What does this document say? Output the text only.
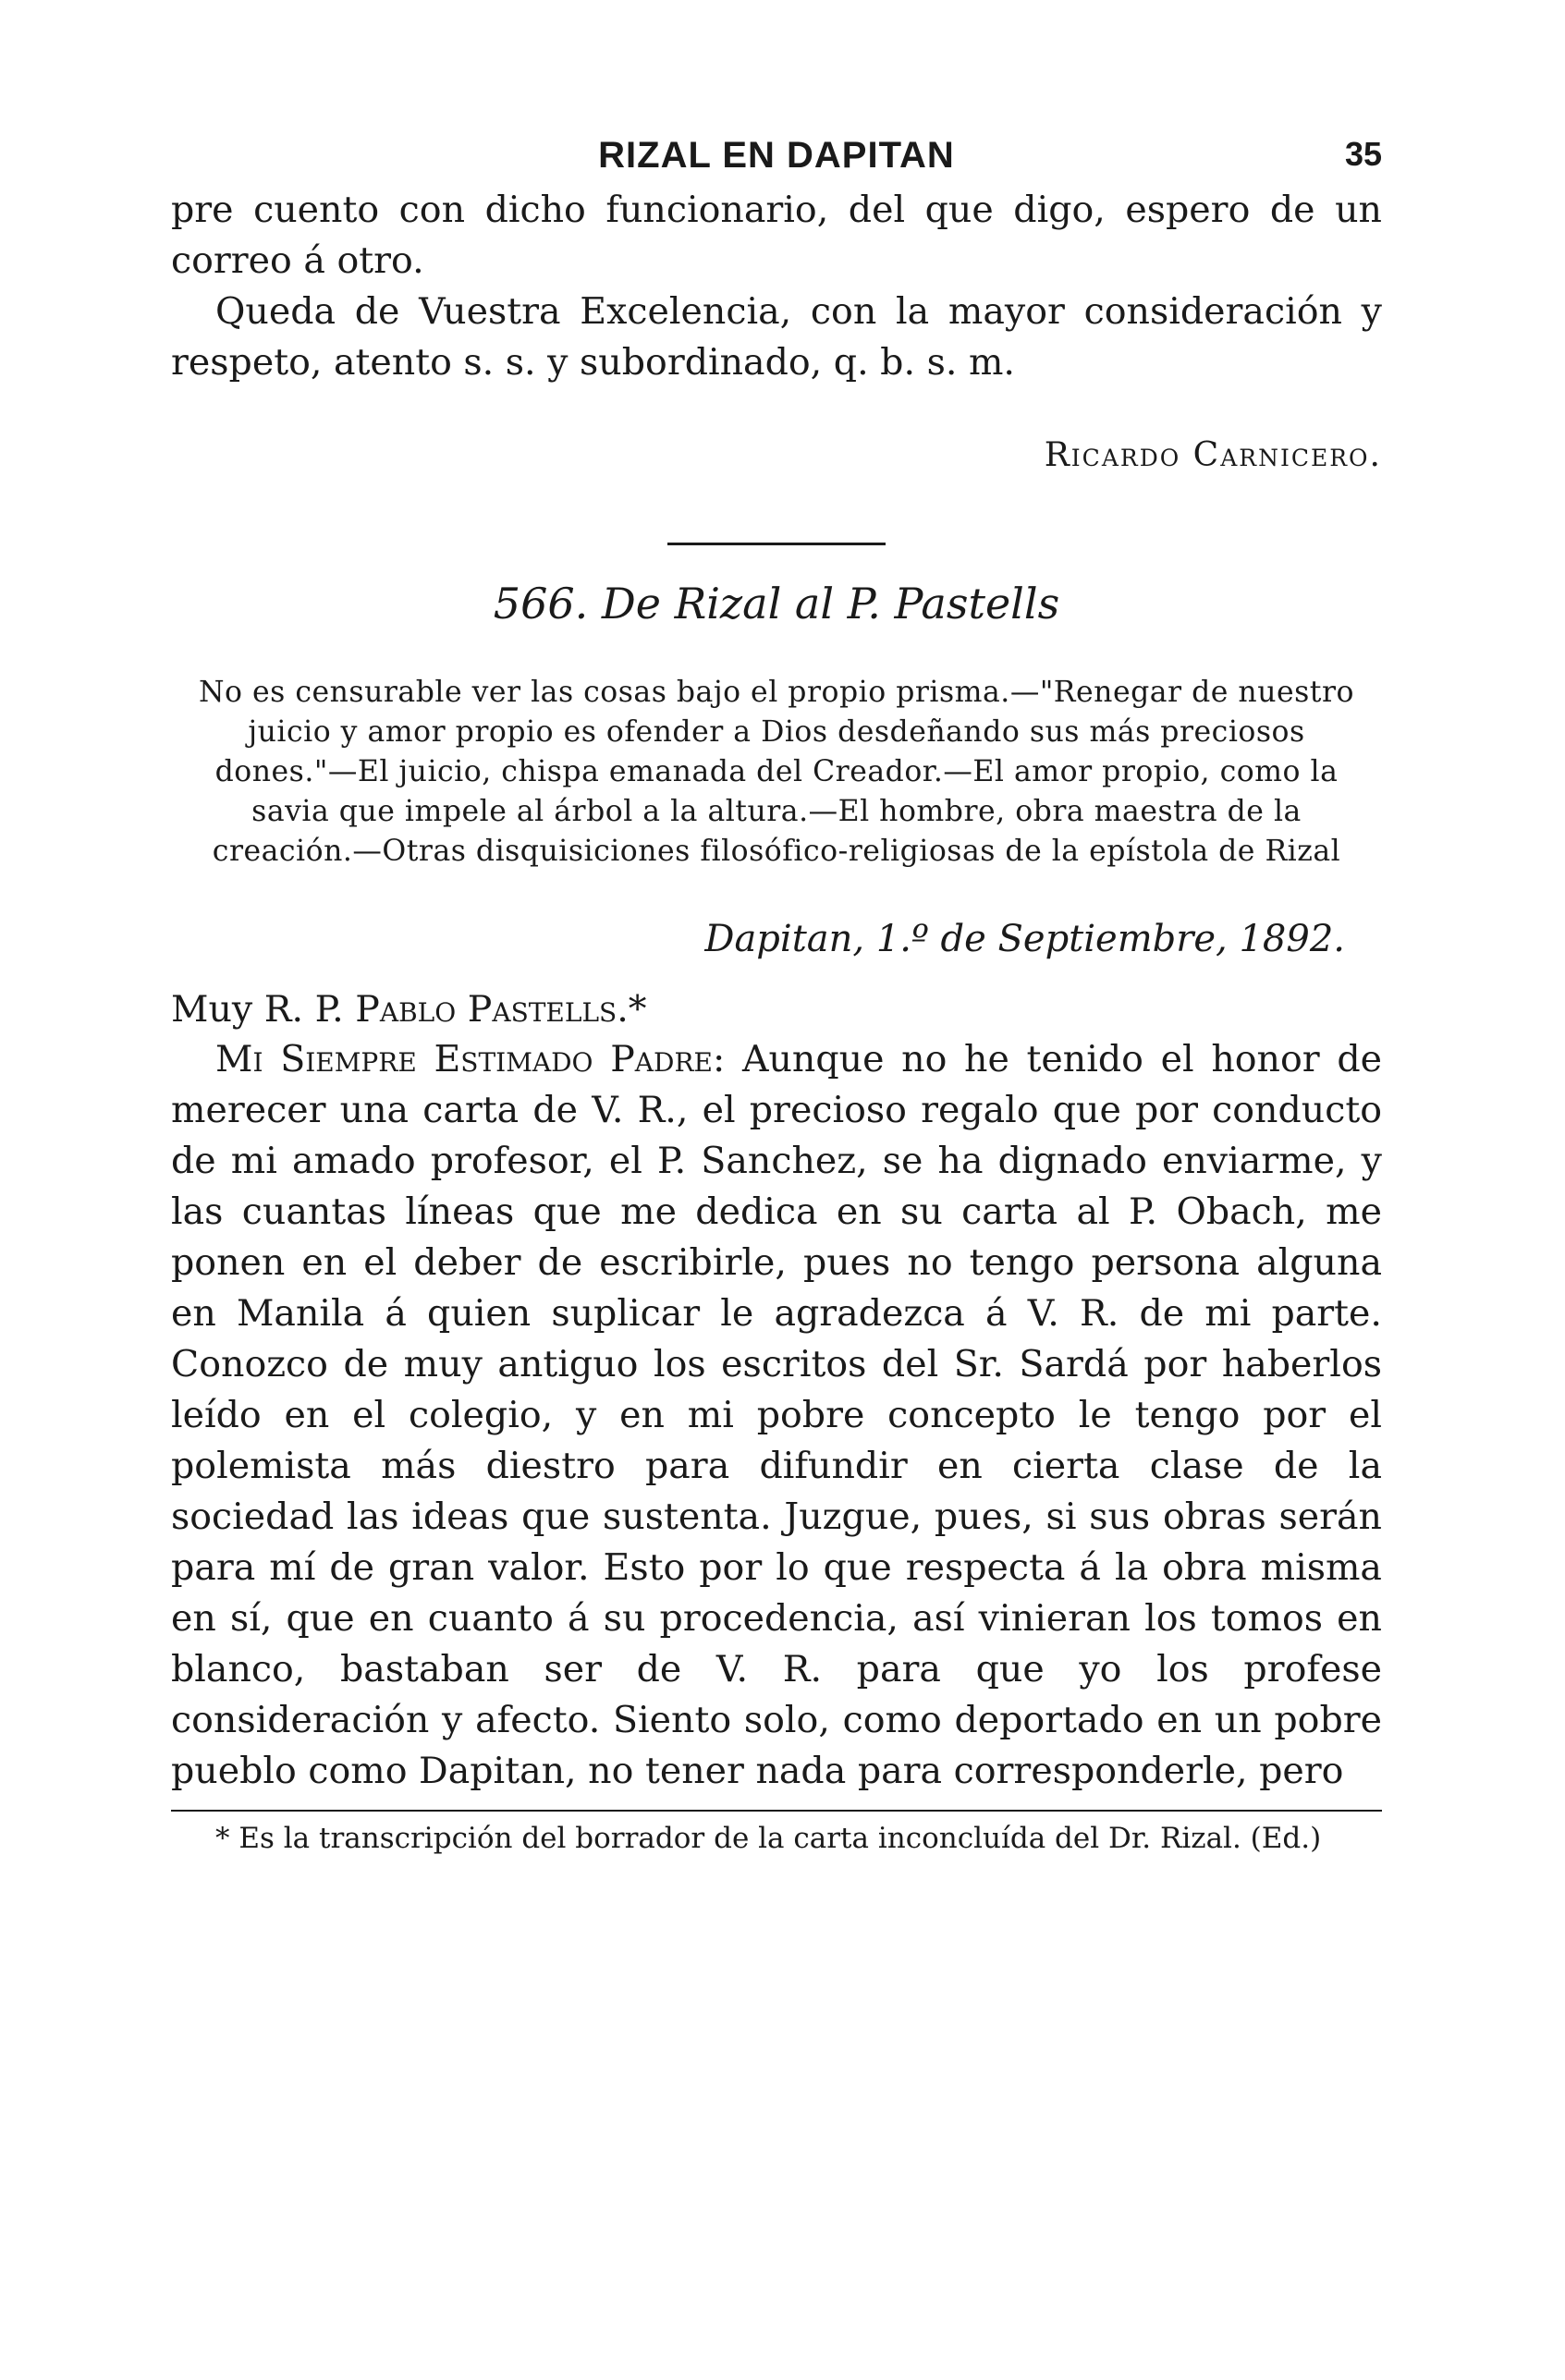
RIZAL EN DAPITAN	35

pre cuento con dicho funcionario, del que digo, espero de un correo á otro.

Queda de Vuestra Excelencia, con la mayor consideración y respeto, atento s. s. y subordinado, q. b. s. m.

Ricardo Carnicero.
566. De Rizal al P. Pastells
No es censurable ver las cosas bajo el propio prisma.—"Renegar de nuestro juicio y amor propio es ofender a Dios desdeñando sus más preciosos dones."—El juicio, chispa emanada del Creador.—El amor propio, como la savia que impele al árbol a la altura.—El hombre, obra maestra de la creación.—Otras disquisiciones filosófico-religiosas de la epístola de Rizal
Dapitan, 1.º de Septiembre, 1892.
Muy R. P. Pablo Pastells.*

Mi Siempre Estimado Padre: Aunque no he tenido el honor de merecer una carta de V. R., el precioso regalo que por conducto de mi amado profesor, el P. Sanchez, se ha dignado enviarme, y las cuantas líneas que me dedica en su carta al P. Obach, me ponen en el deber de escribirle, pues no tengo persona alguna en Manila á quien suplicar le agradezca á V. R. de mi parte. Conozco de muy antiguo los escritos del Sr. Sardá por haberlos leído en el colegio, y en mi pobre concepto le tengo por el polemista más diestro para difundir en cierta clase de la sociedad las ideas que sustenta. Juzgue, pues, si sus obras serán para mí de gran valor. Esto por lo que respecta á la obra misma en sí, que en cuanto á su procedencia, así vinieran los tomos en blanco, bastaban ser de V. R. para que yo los profese consideración y afecto. Siento solo, como deportado en un pobre pueblo como Dapitan, no tener nada para corresponderle, pero

* Es la transcripción del borrador de la carta inconcluída del Dr. Rizal. (Ed.)
